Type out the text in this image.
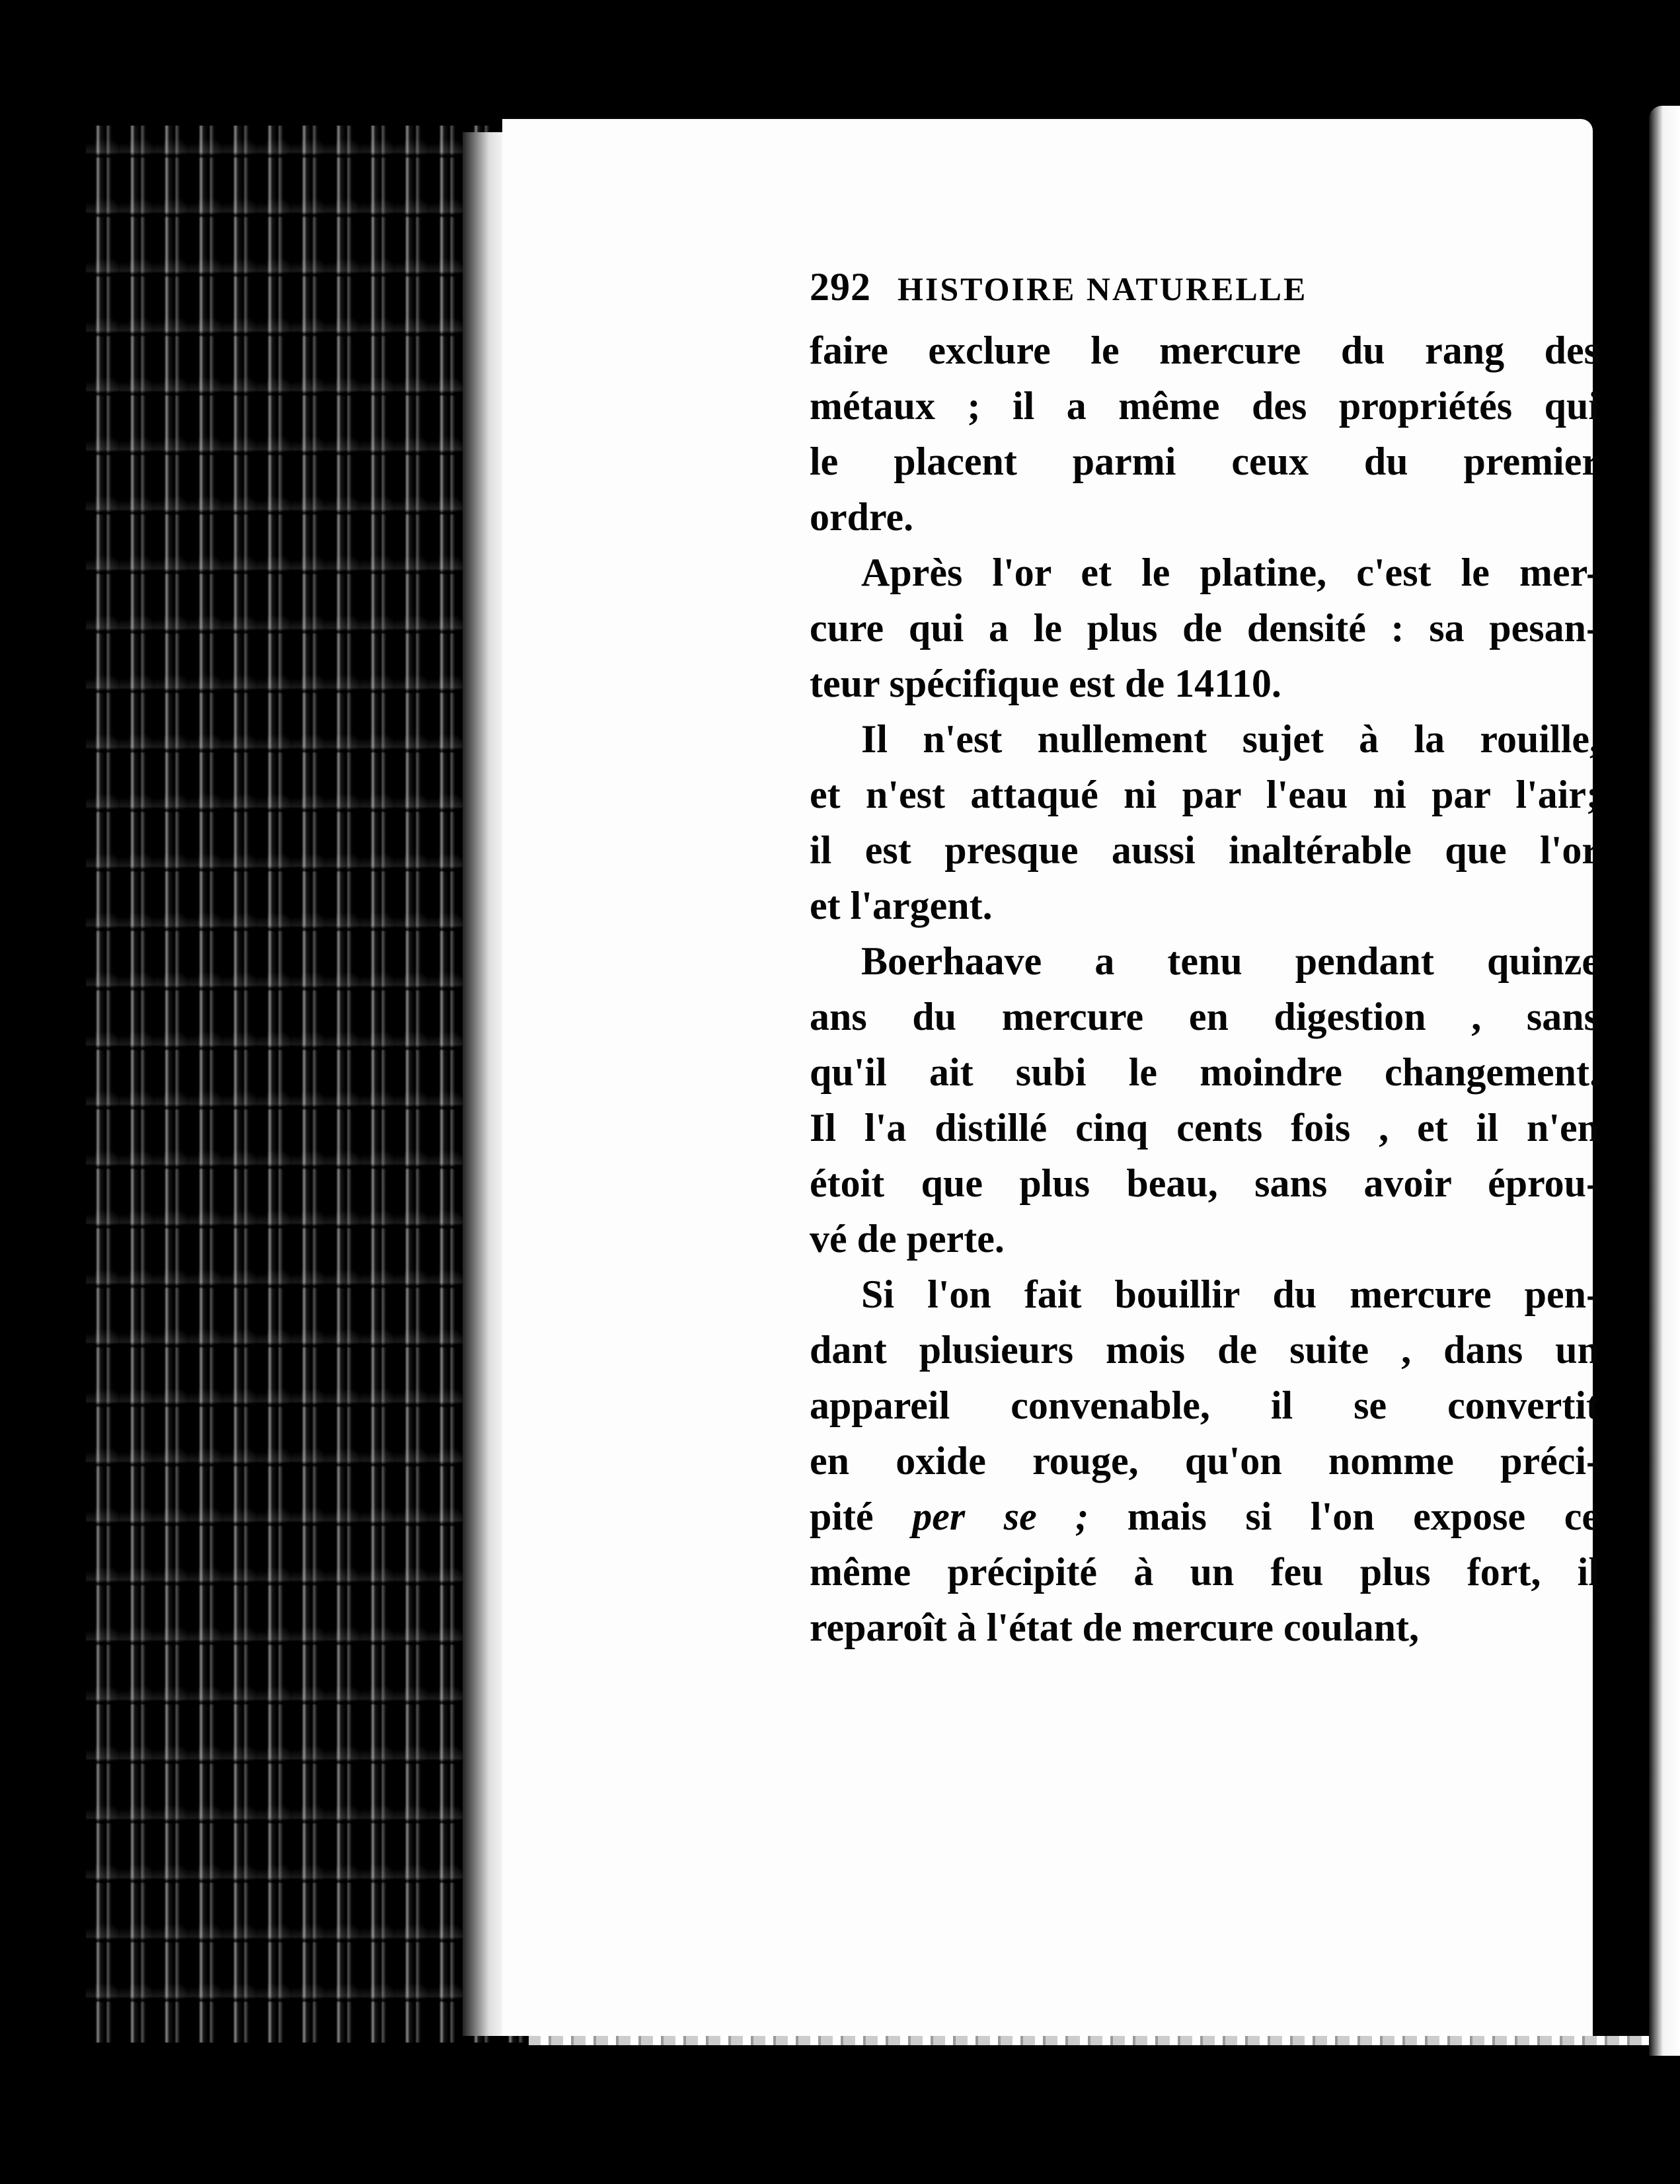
292 HISTOIRE NATURELLE
faire exclure le mercure du rang des
métaux ; il a même des propriétés qui
le placent parmi ceux du premier
ordre.
Après l'or et le platine, c'est le mer-
cure qui a le plus de densité : sa pesan-
teur spécifique est de 14110.
Il n'est nullement sujet à la rouille,
et n'est attaqué ni par l'eau ni par l'air;
il est presque aussi inaltérable que l'or
et l'argent.
Boerhaave a tenu pendant quinze
ans du mercure en digestion , sans
qu'il ait subi le moindre changement.
Il l'a distillé cinq cents fois , et il n'en
étoit que plus beau, sans avoir éprou-
vé de perte.
Si l'on fait bouillir du mercure pen-
dant plusieurs mois de suite , dans un
appareil convenable, il se convertit
en oxide rouge, qu'on nomme préci-
pité per se ; mais si l'on expose ce
même précipité à un feu plus fort, il
reparoît à l'état de mercure coulant,
